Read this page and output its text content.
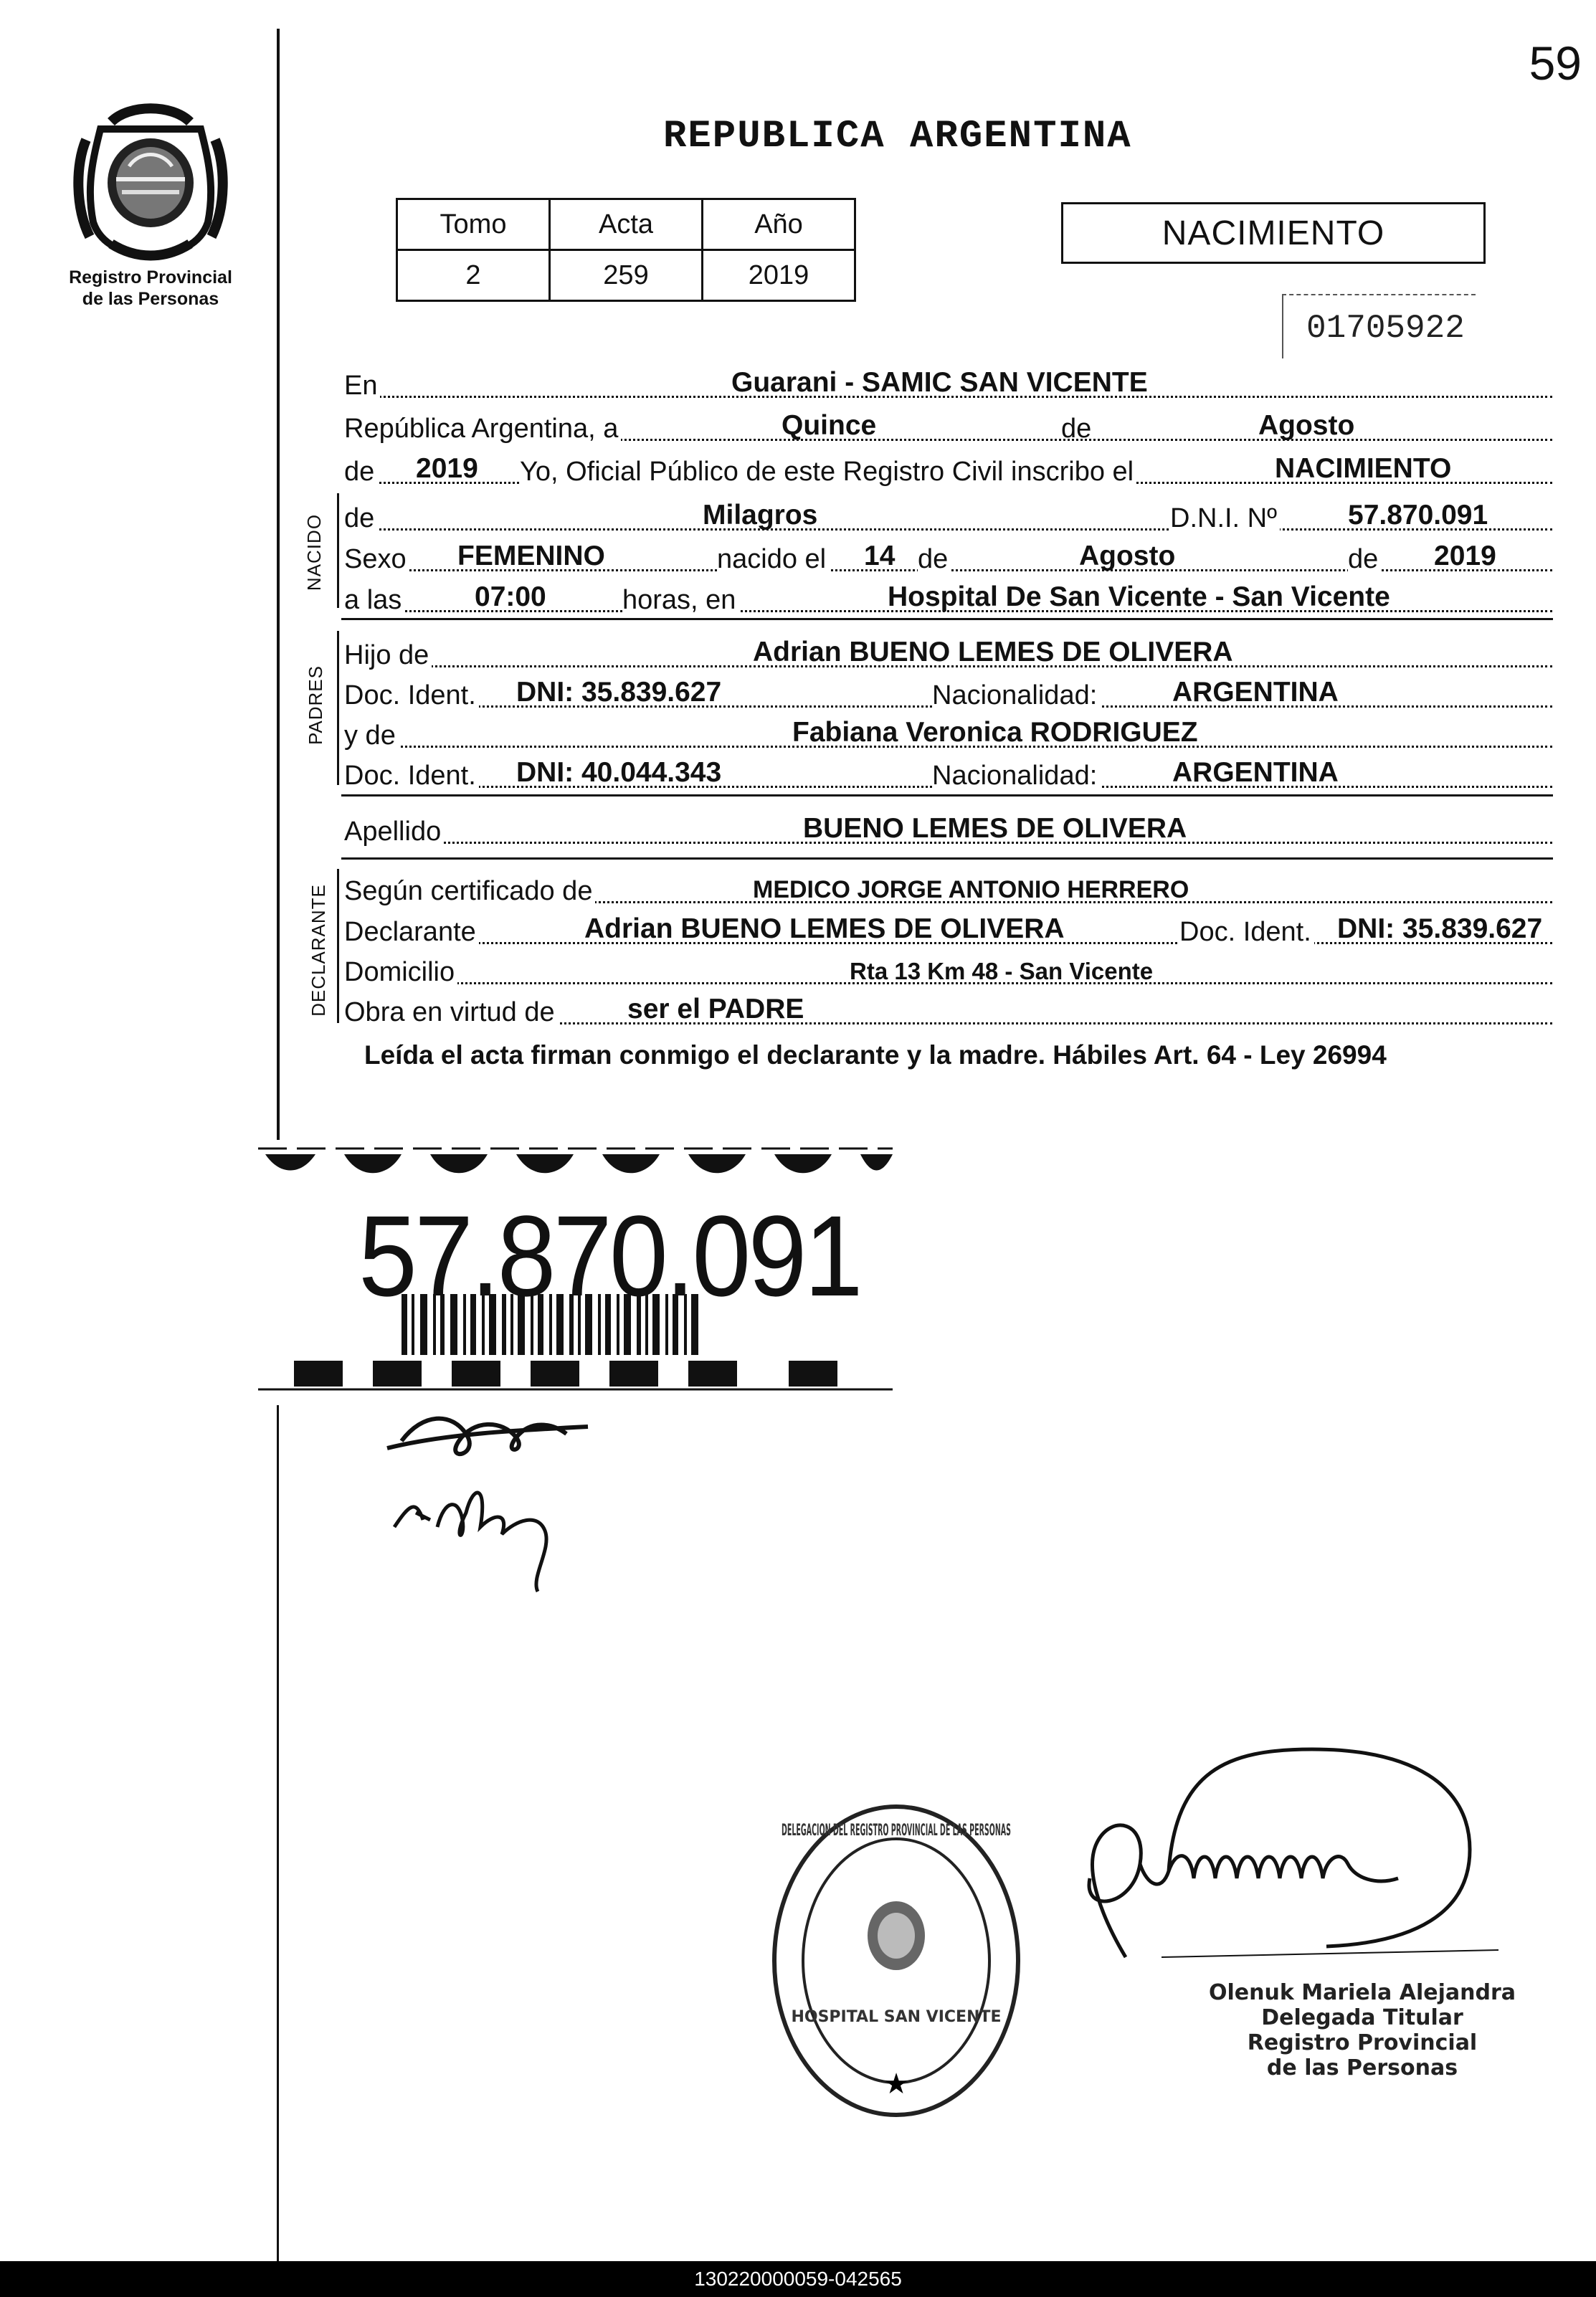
59
REPUBLICA ARGENTINA
Registro Provincial
de las Personas
Tomo	Acta	Año
2	259	2019
NACIMIENTO
01705922
En	Guarani - SAMIC SAN VICENTE
República Argentina, a	Quince	de	Agosto
de 2019 Yo, Oficial Público de este Registro Civil inscribo el	NACIMIENTO
NACIDO de	Milagros	D.N.I. Nº	57.870.091
Sexo FEMENINO	nacido el 14 de	Agosto	de 2019
a las	07:00	horas, en	Hospital De San Vicente - San Vicente
PADRES
Hijo de	Adrian BUENO LEMES DE OLIVERA
Doc. Ident. DNI: 35.839.627	Nacionalidad:	ARGENTINA
y de	Fabiana Veronica RODRIGUEZ
Doc. Ident. DNI: 40.044.343	Nacionalidad:	ARGENTINA
Apellido	BUENO LEMES DE OLIVERA
DECLARANTE Según certificado de	MEDICO JORGE ANTONIO HERRERO
Declarante	Adrian BUENO LEMES DE OLIVERA	Doc. Ident. DNI: 35.839.627
Domicilio	Rta 13 Km 48 - San Vicente
Obra en virtud de	ser el PADRE
Leída el acta firman conmigo el declarante y la madre. Hábiles Art. 64 - Ley 26994
57.870.091
★
DELEGACION DEL REGISTRO PROVINCIAL DE LAS PERSONAS
HOSPITAL SAN VICENTE
Olenuk Mariela Alejandra
Delegada Titular
Registro Provincial
de las Personas
130220000059-042565
